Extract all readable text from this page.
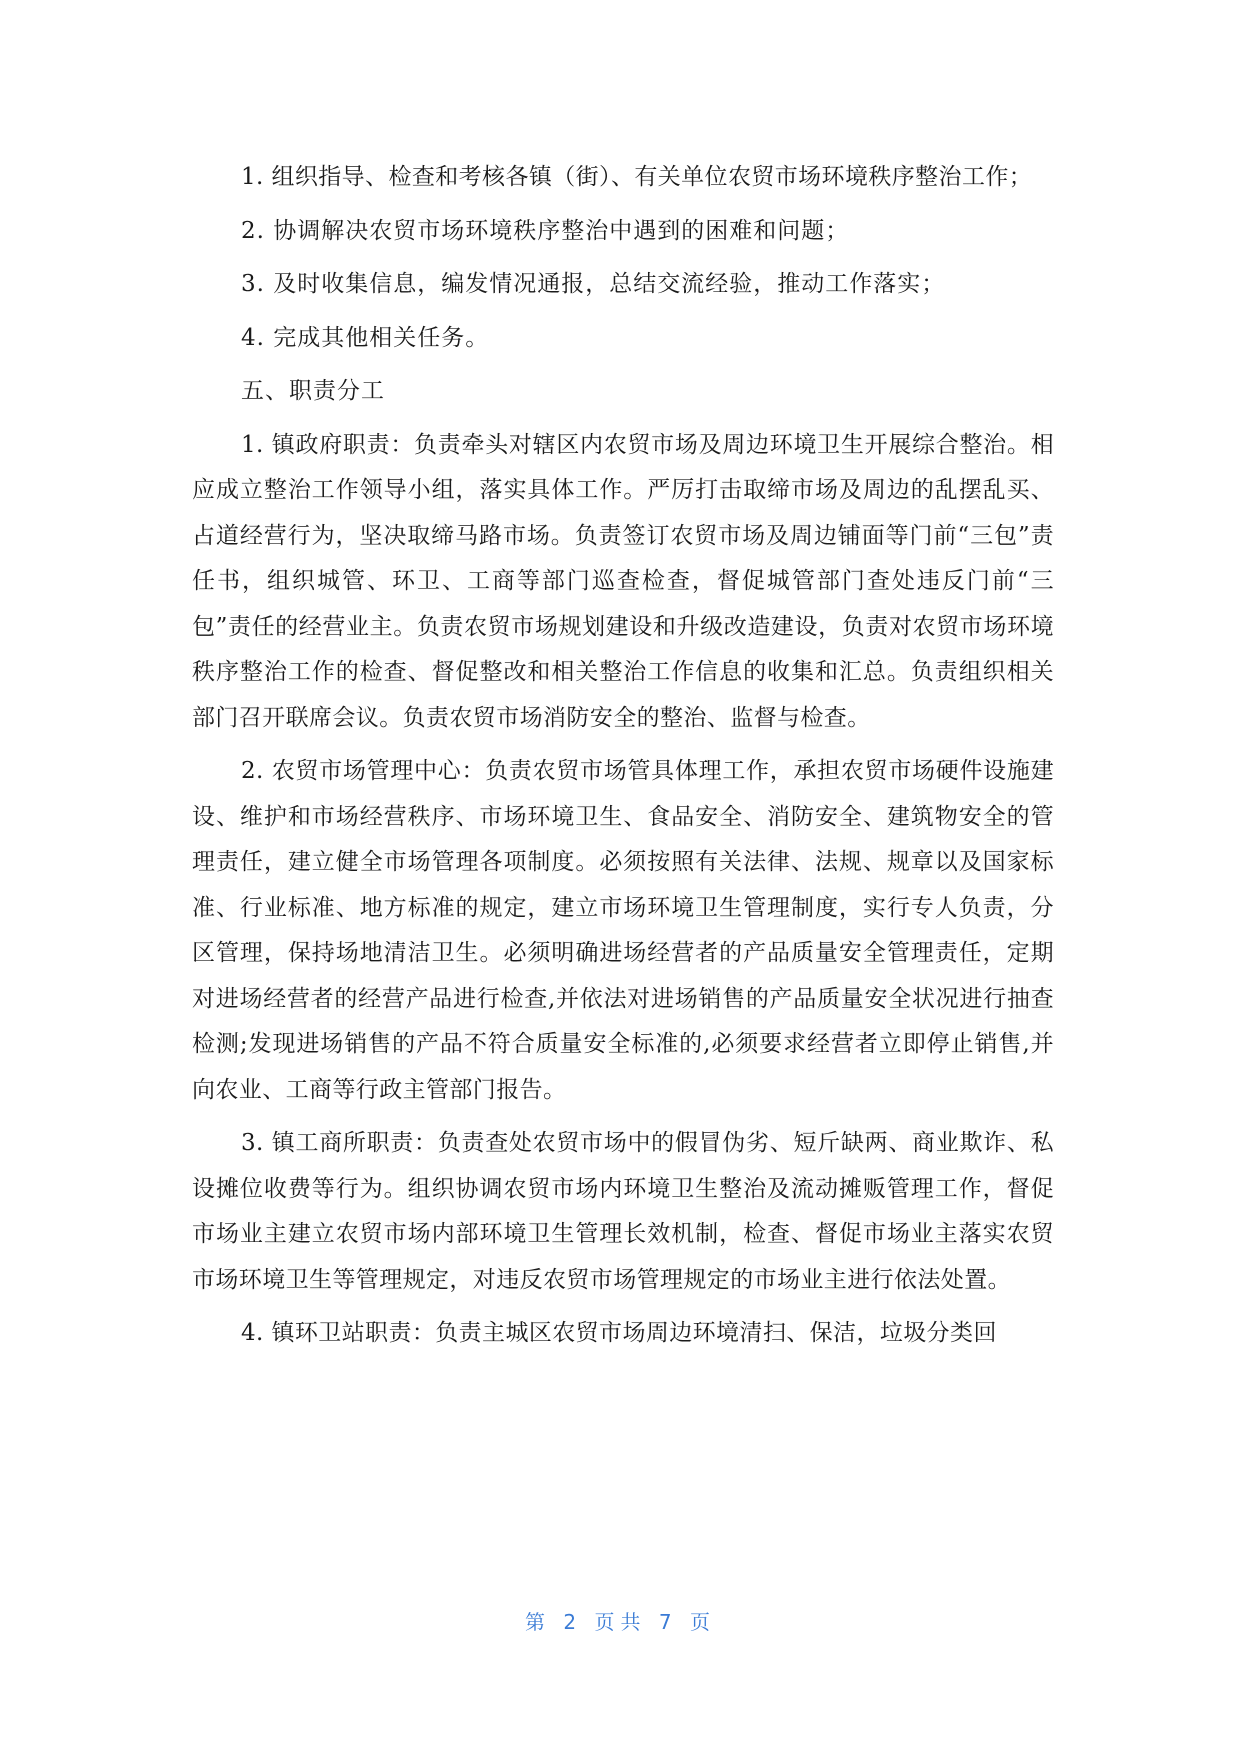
1. 组织指导、检查和考核各镇（街）、有关单位农贸市场环境秩序整治工作；

2. 协调解决农贸市场环境秩序整治中遇到的困难和问题；

3. 及时收集信息，编发情况通报，总结交流经验，推动工作落实；

4. 完成其他相关任务。

五、职责分工

1. 镇政府职责：负责牵头对辖区内农贸市场及周边环境卫生开展综合整治。相应成立整治工作领导小组，落实具体工作。严厉打击取缔市场及周边的乱摆乱买、占道经营行为，坚决取缔马路市场。负责签订农贸市场及周边铺面等门前“三包”责任书，组织城管、环卫、工商等部门巡查检查，督促城管部门查处违反门前“三包”责任的经营业主。负责农贸市场规划建设和升级改造建设，负责对农贸市场环境秩序整治工作的检查、督促整改和相关整治工作信息的收集和汇总。负责组织相关部门召开联席会议。负责农贸市场消防安全的整治、监督与检查。

2. 农贸市场管理中心：负责农贸市场管具体理工作，承担农贸市场硬件设施建设、维护和市场经营秩序、市场环境卫生、食品安全、消防安全、建筑物安全的管理责任，建立健全市场管理各项制度。必须按照有关法律、法规、规章以及国家标准、行业标准、地方标准的规定，建立市场环境卫生管理制度，实行专人负责，分区管理，保持场地清洁卫生。必须明确进场经营者的产品质量安全管理责任，定期对进场经营者的经营产品进行检查,并依法对进场销售的产品质量安全状况进行抽查检测;发现进场销售的产品不符合质量安全标准的,必须要求经营者立即停止销售,并向农业、工商等行政主管部门报告。

3. 镇工商所职责：负责查处农贸市场中的假冒伪劣、短斤缺两、商业欺诈、私设摊位收费等行为。组织协调农贸市场内环境卫生整治及流动摊贩管理工作，督促市场业主建立农贸市场内部环境卫生管理长效机制，检查、督促市场业主落实农贸市场环境卫生等管理规定，对违反农贸市场管理规定的市场业主进行依法处置。

4. 镇环卫站职责：负责主城区农贸市场周边环境清扫、保洁，垃圾分类回

第 2 页共 7 页
